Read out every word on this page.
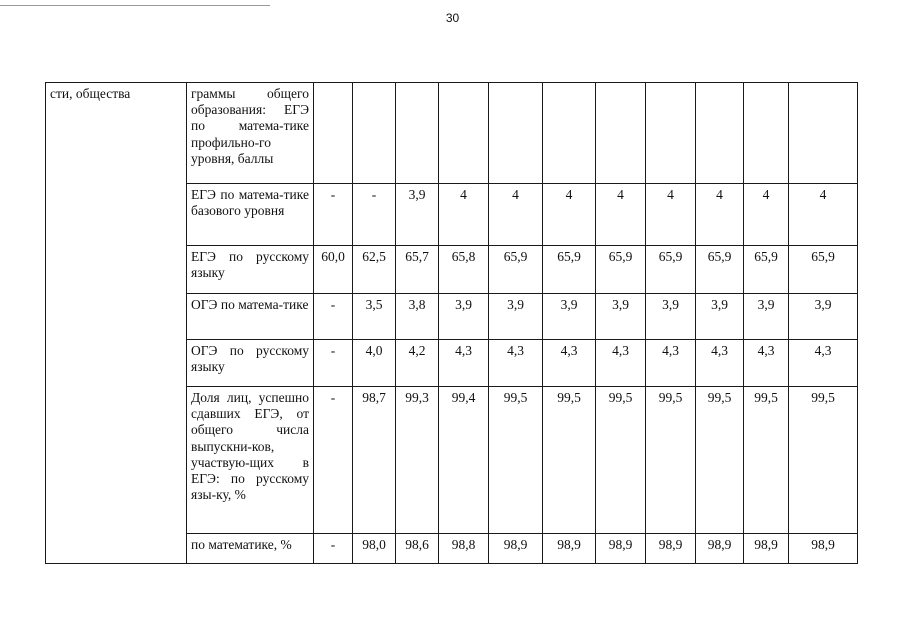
30
сти, общества	граммы общего образования: ЕГЭ по матема-тике профильно-го уровня, баллы											
	ЕГЭ по матема-тике базового уровня	-	-	3,9	4	4	4	4	4	4	4	4
	ЕГЭ по русскому языку	60,0	62,5	65,7	65,8	65,9	65,9	65,9	65,9	65,9	65,9	65,9
	ОГЭ по матема-тике	-	3,5	3,8	3,9	3,9	3,9	3,9	3,9	3,9	3,9	3,9
	ОГЭ по русскому языку	-	4,0	4,2	4,3	4,3	4,3	4,3	4,3	4,3	4,3	4,3
	Доля лиц, успешно сдавших ЕГЭ, от общего числа выпускни-ков, участвую-щих в ЕГЭ: по русскому язы-ку, %	-	98,7	99,3	99,4	99,5	99,5	99,5	99,5	99,5	99,5	99,5
	по математике, %	-	98,0	98,6	98,8	98,9	98,9	98,9	98,9	98,9	98,9	98,9
